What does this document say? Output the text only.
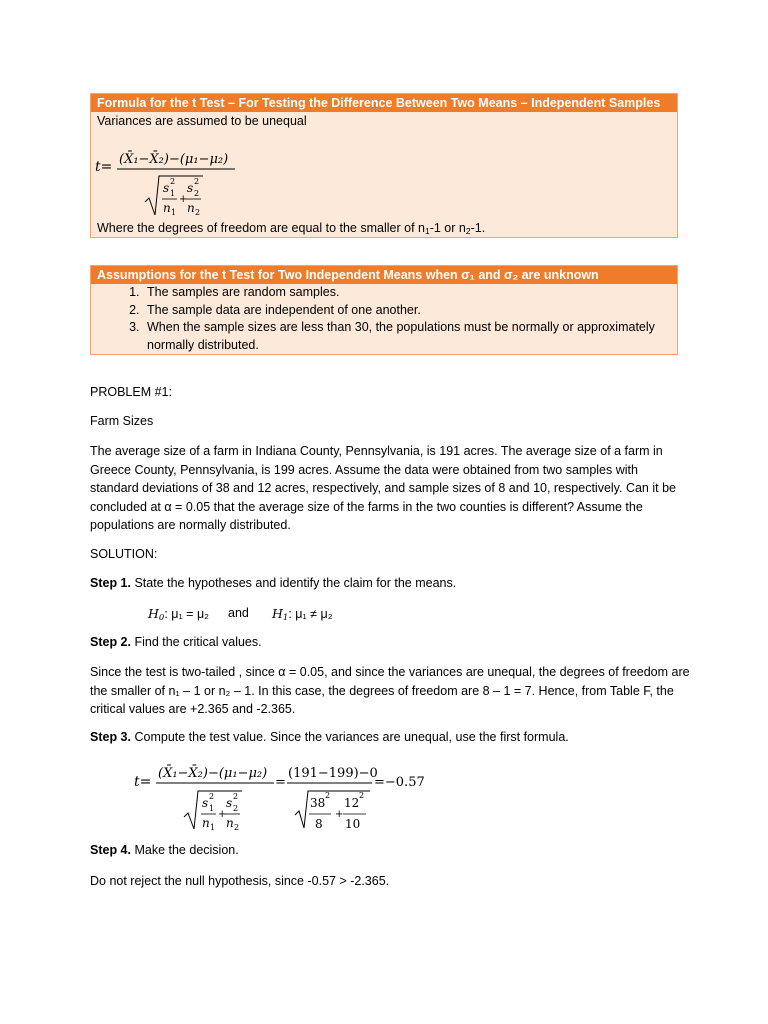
Formula for the t Test – For Testing the Difference Between Two Means – Independent Samples
Variances are assumed to be unequal
t= (X̄₁−X̄₂)−(μ₁−μ₂)
s 2
1
n 1
+
s 2
2
n 2
Where the degrees of freedom are equal to the smaller of $n_1-1$ or $n_2-1$.
Assumptions for the t Test for Two Independent Means when σ₁ and σ₂ are unknown
1. The samples are random samples.
2. The sample data are independent of one another.
3. When the sample sizes are less than 30, the populations must be normally or approximately normally distributed.
PROBLEM #1:
Farm Sizes
The average size of a farm in Indiana County, Pennsylvania, is 191 acres. The average size of a farm in Greece County, Pennsylvania, is 199 acres. Assume the data were obtained from two samples with standard deviations of 38 and 12 acres, respectively, and sample sizes of 8 and 10, respectively. Can it be concluded at α = 0.05 that the average size of the farms in the two counties is different? Assume the populations are normally distributed.
SOLUTION:
Step 1. State the hypotheses and identify the claim for the means.
$H_0$: μ₁ = μ₂ and $H_1$: μ₁ ≠ μ₂
Step 2. Find the critical values.
Since the test is two-tailed , since α = 0.05, and since the variances are unequal, the degrees of freedom are the smaller of n₁ – 1 or n₂ – 1. In this case, the degrees of freedom are 8 – 1 = 7. Hence, from Table F, the critical values are +2.365 and -2.365.
Step 3. Compute the test value. Since the variances are unequal, use the first formula.
t=
(X̄₁−X̄₂)−(μ₁−μ₂)
s 2
1
n 1
+
s 2
2
n 2
=
(191−199)−0
38
2
8
+
12
2
10
=−0.57
Step 4. Make the decision.
Do not reject the null hypothesis, since -0.57 > -2.365.
